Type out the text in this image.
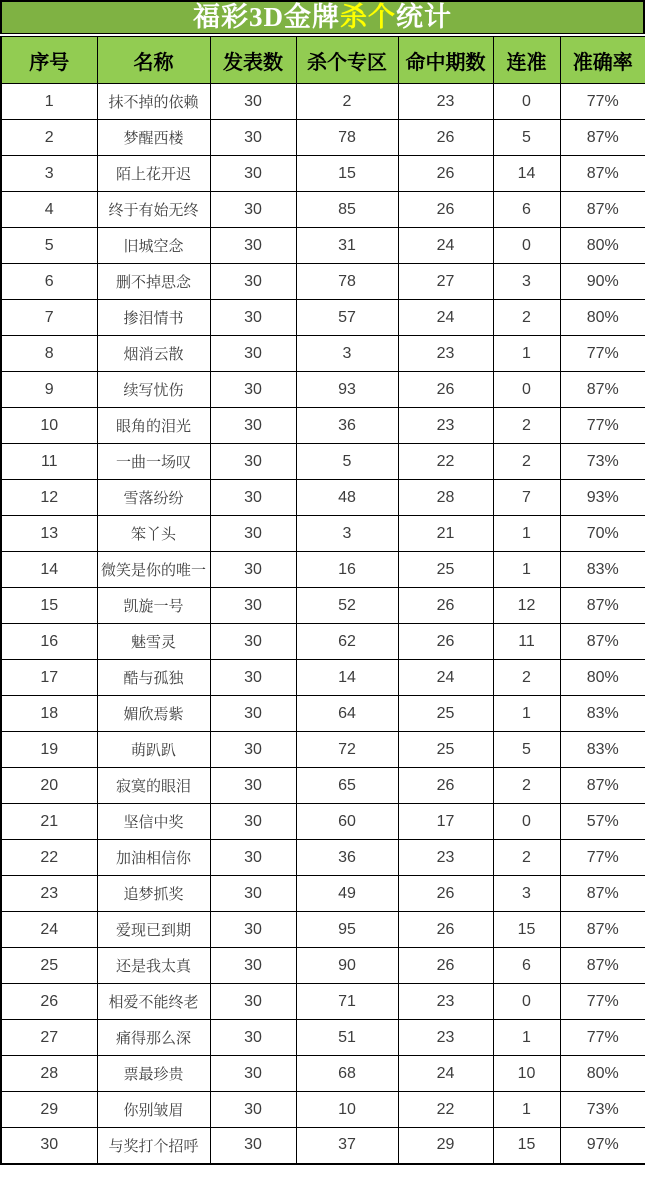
福彩3D金牌 杀个 统计
序号	名称	发表数	杀个专区	命中期数	连准	准确率
1	抹不掉的依赖	30	2	23	0	77%
2	梦醒西楼	30	78	26	5	87%
3	陌上花开迟	30	15	26	14	87%
4	终于有始无终	30	85	26	6	87%
5	旧城空念	30	31	24	0	80%
6	删不掉思念	30	78	27	3	90%
7	掺泪情书	30	57	24	2	80%
8	烟消云散	30	3	23	1	77%
9	续写忧伤	30	93	26	0	87%
10	眼角的泪光	30	36	23	2	77%
11	一曲一场叹	30	5	22	2	73%
12	雪落纷纷	30	48	28	7	93%
13	笨丫头	30	3	21	1	70%
14	微笑是你的唯一	30	16	25	1	83%
15	凯旋一号	30	52	26	12	87%
16	魅雪灵	30	62	26	11	87%
17	酷与孤独	30	14	24	2	80%
18	媚欣焉紫	30	64	25	1	83%
19	萌趴趴	30	72	25	5	83%
20	寂寞的眼泪	30	65	26	2	87%
21	坚信中奖	30	60	17	0	57%
22	加油相信你	30	36	23	2	77%
23	追梦抓奖	30	49	26	3	87%
24	爱现已到期	30	95	26	15	87%
25	还是我太真	30	90	26	6	87%
26	相爱不能终老	30	71	23	0	77%
27	痛得那么深	30	51	23	1	77%
28	票最珍贵	30	68	24	10	80%
29	你别皱眉	30	10	22	1	73%
30	与奖打个招呼	30	37	29	15	97%
